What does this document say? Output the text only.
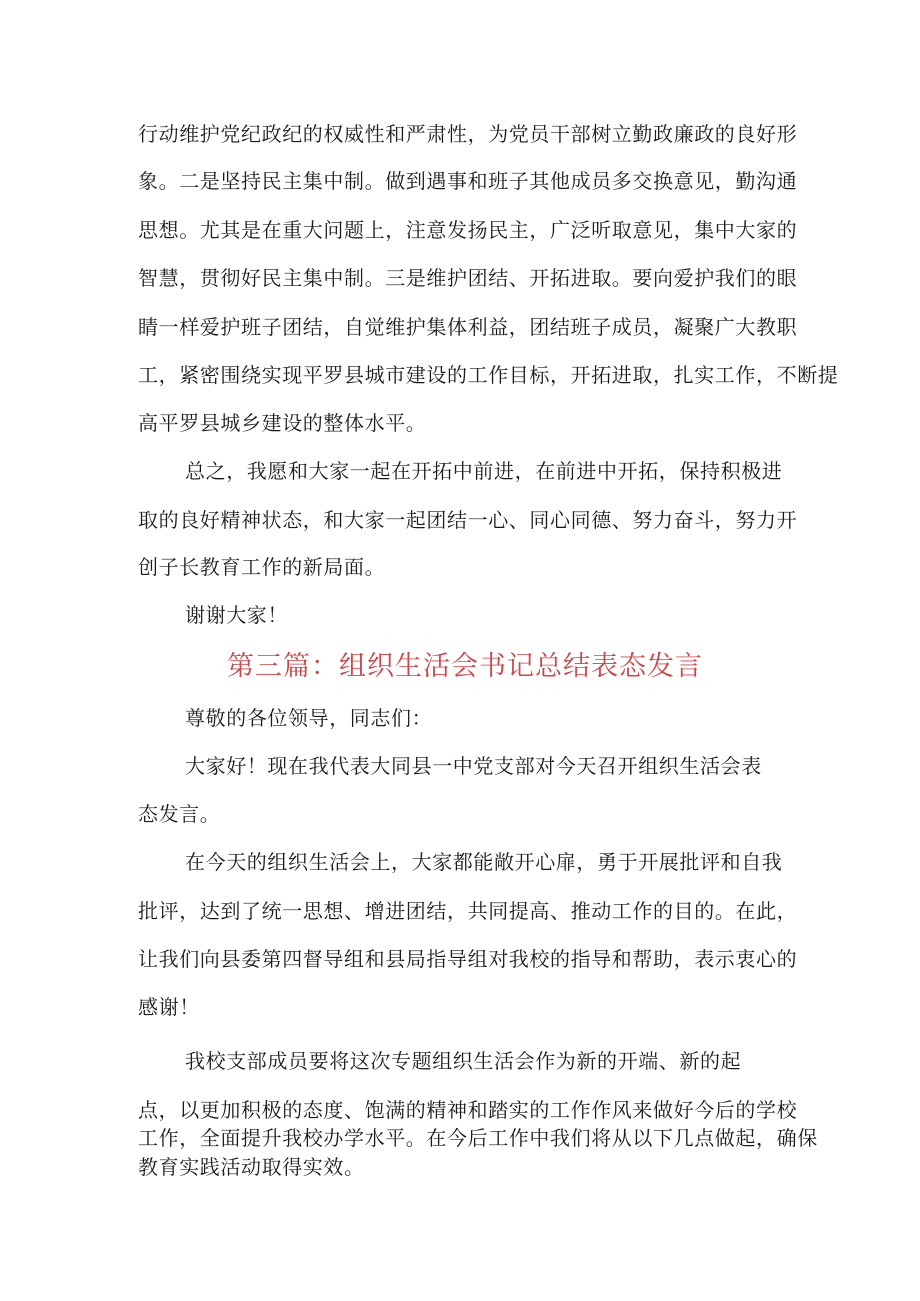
行动维护党纪政纪的权威性和严肃性，为党员干部树立勤政廉政的良好形
象。二是坚持民主集中制。做到遇事和班子其他成员多交换意见，勤沟通
思想。尤其是在重大问题上，注意发扬民主，广泛听取意见，集中大家的
智慧，贯彻好民主集中制。三是维护团结、开拓进取。要向爱护我们的眼
睛一样爱护班子团结，自觉维护集体利益，团结班子成员，凝聚广大教职
工，紧密围绕实现平罗县城市建设的工作目标，开拓进取，扎实工作，不断提
高平罗县城乡建设的整体水平。
总之，我愿和大家一起在开拓中前进，在前进中开拓，保持积极进
取的良好精神状态，和大家一起团结一心、同心同德、努力奋斗，努力开
创子长教育工作的新局面。
谢谢大家！
第三篇：组织生活会书记总结表态发言
尊敬的各位领导，同志们：
大家好！现在我代表大同县一中党支部对今天召开组织生活会表
态发言。
在今天的组织生活会上，大家都能敞开心扉，勇于开展批评和自我
批评，达到了统一思想、增进团结，共同提高、推动工作的目的。在此，
让我们向县委第四督导组和县局指导组对我校的指导和帮助，表示衷心的
感谢！
我校支部成员要将这次专题组织生活会作为新的开端、新的起
点，以更加积极的态度、饱满的精神和踏实的工作作风来做好今后的学校
工作，全面提升我校办学水平。在今后工作中我们将从以下几点做起，确保
教育实践活动取得实效。
